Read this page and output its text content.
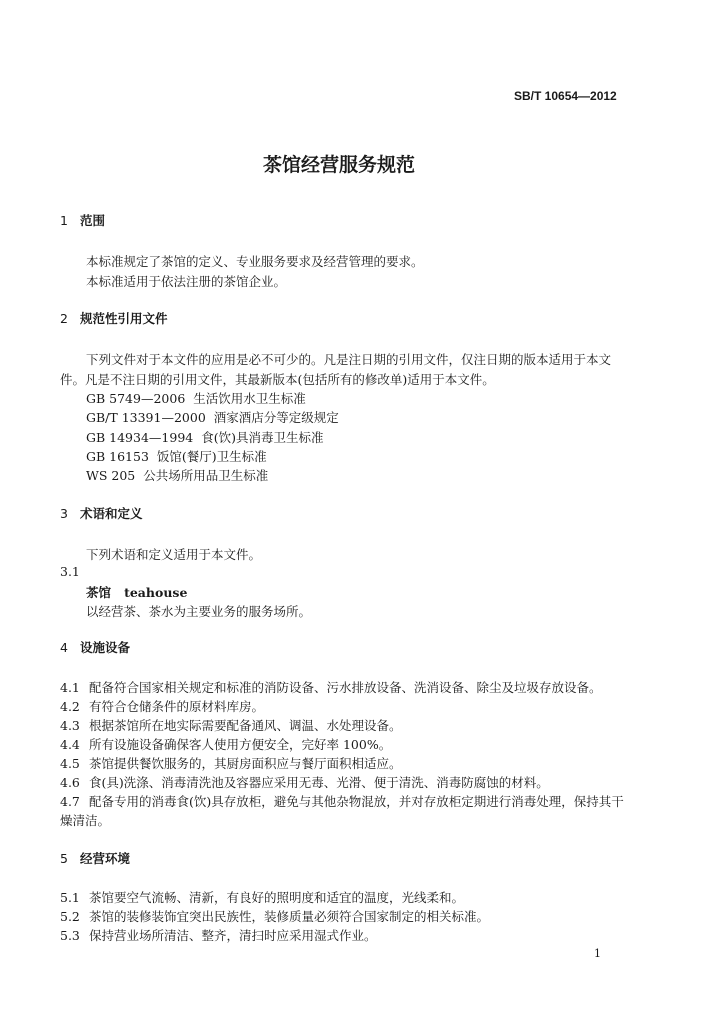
SB/T 10654—2012
茶馆经营服务规范
1 范围
本标准规定了茶馆的定义、专业服务要求及经营管理的要求。
本标准适用于依法注册的茶馆企业。
2 规范性引用文件
下列文件对于本文件的应用是必不可少的。凡是注日期的引用文件，仅注日期的版本适用于本文
件。凡是不注日期的引用文件，其最新版本(包括所有的修改单)适用于本文件。
GB 5749—2006 生活饮用水卫生标准
GB/T 13391—2000 酒家酒店分等定级规定
GB 14934—1994 食(饮)具消毒卫生标准
GB 16153 饭馆(餐厅)卫生标准
WS 205 公共场所用品卫生标准
3 术语和定义
下列术语和定义适用于本文件。
3.1
茶馆 teahouse
以经营茶、茶水为主要业务的服务场所。
4 设施设备
4.1 配备符合国家相关规定和标准的消防设备、污水排放设备、洗消设备、除尘及垃圾存放设备。
4.2 有符合仓储条件的原材料库房。
4.3 根据茶馆所在地实际需要配备通风、调温、水处理设备。
4.4 所有设施设备确保客人使用方便安全，完好率 100%。
4.5 茶馆提供餐饮服务的，其厨房面积应与餐厅面积相适应。
4.6 食(具)洗涤、消毒清洗池及容器应采用无毒、光滑、便于清洗、消毒防腐蚀的材料。
4.7 配备专用的消毒食(饮)具存放柜，避免与其他杂物混放，并对存放柜定期进行消毒处理，保持其干
燥清洁。
5 经营环境
5.1 茶馆要空气流畅、清新，有良好的照明度和适宜的温度，光线柔和。
5.2 茶馆的装修装饰宜突出民族性，装修质量必须符合国家制定的相关标准。
5.3 保持营业场所清洁、整齐，清扫时应采用湿式作业。
1
